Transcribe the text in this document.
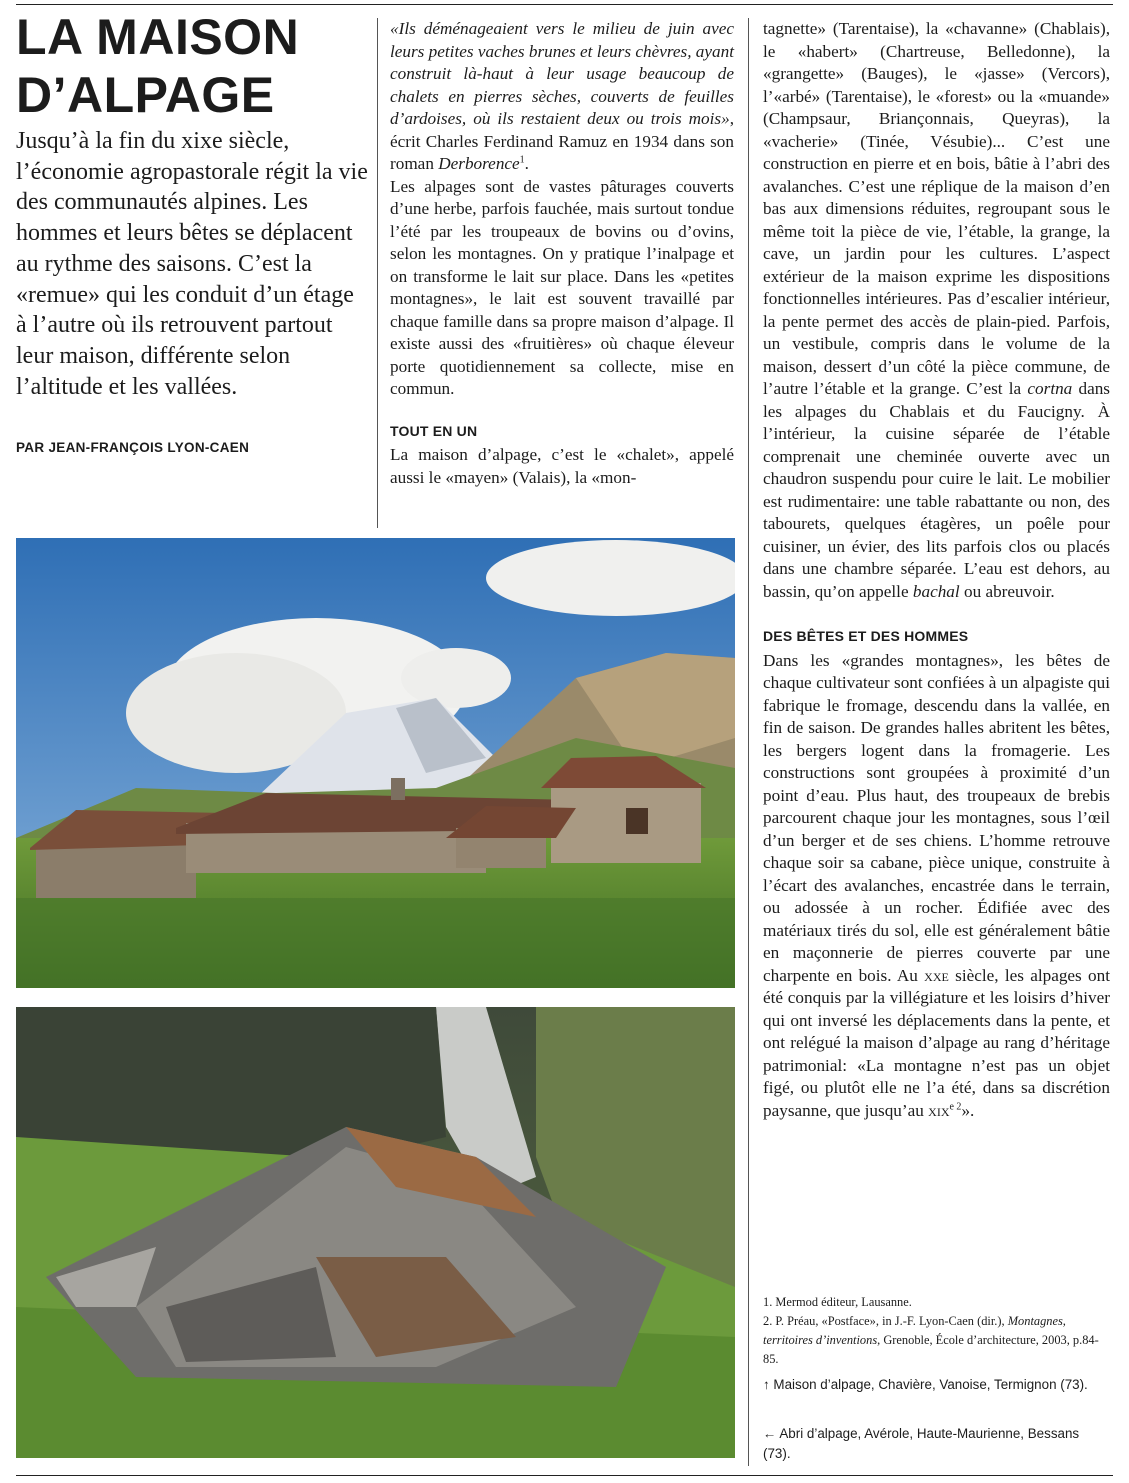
LA MAISON
D’ALPAGE

Jusqu’à la fin du xixe siècle, l’économie agropastorale régit la vie des communautés alpines. Les hommes et leurs bêtes se déplacent au rythme des saisons. C’est la «remue» qui les conduit d’un étage à l’autre où ils retrouvent partout leur maison, différente selon l’altitude et les vallées.

PAR JEAN-FRANÇOIS LYON-CAEN

«Ils déménageaient vers le milieu de juin avec leurs petites vaches brunes et leurs chèvres, ayant construit là-haut à leur usage beaucoup de chalets en pierres sèches, couverts de feuilles d’ardoises, où ils restaient deux ou trois mois», écrit Charles Ferdinand Ramuz en 1934 dans son roman Derborence$^1$.

Les alpages sont de vastes pâturages couverts d’une herbe, parfois fauchée, mais surtout tondue l’été par les troupeaux de bovins ou d’ovins, selon les montagnes. On y pratique l’inalpage et on transforme le lait sur place. Dans les «petites montagnes», le lait est souvent travaillé par chaque famille dans sa propre maison d’alpage. Il existe aussi des «fruitières» où chaque éleveur porte quotidiennement sa collecte, mise en commun.

TOUT EN UN

La maison d’alpage, c’est le «chalet», appelé aussi le «mayen» (Valais), la «mon-

tagnette» (Tarentaise), la «chavanne» (Chablais), le «habert» (Chartreuse, Belledonne), la «grangette» (Bauges), le «jasse» (Vercors), l’«arbé» (Tarentaise), le «forest» ou la «muande» (Champsaur, Briançonnais, Queyras), la «vacherie» (Tinée, Vésubie)... C’est une construction en pierre et en bois, bâtie à l’abri des avalanches. C’est une réplique de la maison d’en bas aux dimensions réduites, regroupant sous le même toit la pièce de vie, l’étable, la grange, la cave, un jardin pour les cultures. L’aspect extérieur de la maison exprime les dispositions fonctionnelles intérieures. Pas d’escalier intérieur, la pente permet des accès de plain-pied. Parfois, un vestibule, compris dans le volume de la maison, dessert d’un côté la pièce commune, de l’autre l’étable et la grange. C’est la cortna dans les alpages du Chablais et du Faucigny. À l’intérieur, la cuisine séparée de l’étable comprenait une cheminée ouverte avec un chaudron suspendu pour cuire le lait. Le mobilier est rudimentaire: une table rabattante ou non, des tabourets, quelques étagères, un poêle pour cuisiner, un évier, des lits parfois clos ou placés dans une chambre séparée. L’eau est dehors, au bassin, qu’on appelle bachal ou abreuvoir.

DES BÊTES ET DES HOMMES

Dans les «grandes montagnes», les bêtes de chaque cultivateur sont confiées à un alpagiste qui fabrique le fromage, descendu dans la vallée, en fin de saison. De grandes halles abritent les bêtes, les bergers logent dans la fromagerie. Les constructions sont groupées à proximité d’un point d’eau. Plus haut, des troupeaux de brebis parcourent chaque jour les montagnes, sous l’œil d’un berger et de ses chiens. L’homme retrouve chaque soir sa cabane, pièce unique, construite à l’écart des avalanches, encastrée dans le terrain, ou adossée à un rocher. Édifiée avec des matériaux tirés du sol, elle est généralement bâtie en maçonnerie de pierres couverte par une charpente en bois. Au xxe siècle, les alpages ont été conquis par la villégiature et les loisirs d’hiver qui ont inversé les déplacements dans la pente, et ont relégué la maison d’alpage au rang d’héritage patrimonial: «La montagne n’est pas un objet figé, ou plutôt elle ne l’a été, dans sa discrétion paysanne, que jusqu’au xix$^{e 2}$».

1. Mermod éditeur, Lausanne.

2. P. Préau, «Postface», in J.-F. Lyon-Caen (dir.), Montagnes, territoires d’inventions, Grenoble, École d’architecture, 2003, p.84-85.

↑ Maison d’alpage, Chavière, Vanoise, Termignon (73).

← Abri d’alpage, Avérole, Haute-Maurienne, Bessans (73).
